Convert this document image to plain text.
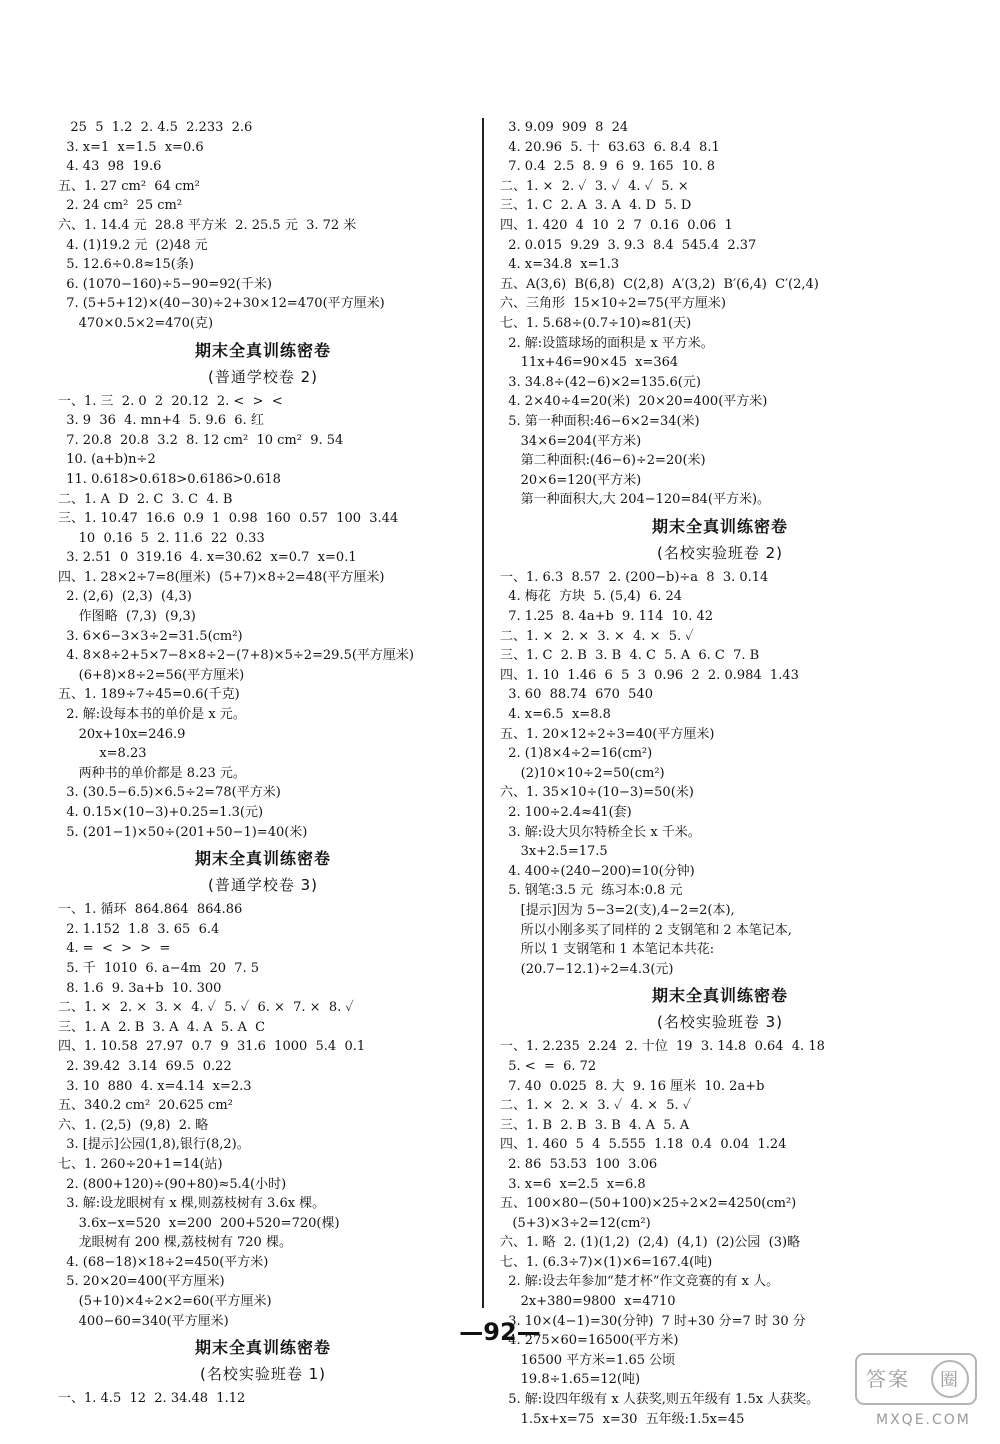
25  5  1.2  2. 4.5  2.233  2.6
3. x=1  x=1.5  x=0.6
4. 43  98  19.6
五、1. 27 cm²  64 cm²
2. 24 cm²  25 cm²
六、1. 14.4 元  28.8 平方米  2. 25.5 元  3. 72 米
4. (1)19.2 元  (2)48 元
5. 12.6÷0.8≈15(条)
6. (1070−160)÷5−90=92(千米)
7. (5+5+12)×(40−30)÷2+30×12=470(平方厘米)
470×0.5×2=470(克)
期末全真训练密卷
(普通学校卷 2)
一、1. 三  2. 0  2  20.12  2. <  >  <
3. 9  36  4. mn+4  5. 9.6  6. 红
7. 20.8  20.8  3.2  8. 12 cm²  10 cm²  9. 54
10. (a+b)n÷2
11. 0.618>0.618>0.6186>0.618
二、1. A  D  2. C  3. C  4. B
三、1. 10.47  16.6  0.9  1  0.98  160  0.57  100  3.44
10  0.16  5  2. 11.6  22  0.33
3. 2.51  0  319.16  4. x=30.62  x=0.7  x=0.1
四、1. 28×2÷7=8(厘米)  (5+7)×8÷2=48(平方厘米)
2. (2,6)  (2,3)  (4,3)
作图略  (7,3)  (9,3)
3. 6×6−3×3÷2=31.5(cm²)
4. 8×8÷2+5×7−8×8÷2−(7+8)×5÷2=29.5(平方厘米)
(6+8)×8÷2=56(平方厘米)
五、1. 189÷7÷45=0.6(千克)
2. 解:设每本书的单价是 x 元。
20x+10x=246.9
x=8.23
两种书的单价都是 8.23 元。
3. (30.5−6.5)×6.5÷2=78(平方米)
4. 0.15×(10−3)+0.25=1.3(元)
5. (201−1)×50÷(201+50−1)=40(米)
期末全真训练密卷
(普通学校卷 3)
一、1. 循环  864.864  864.86
2. 1.152  1.8  3. 65  6.4
4. =  <  >  >  =
5. 千  1010  6. a−4m  20  7. 5
8. 1.6  9. 3a+b  10. 300
二、1. ×  2. ×  3. ×  4. ✓  5. ✓  6. ×  7. ×  8. ✓
三、1. A  2. B  3. A  4. A  5. A  C
四、1. 10.58  27.97  0.7  9  31.6  1000  5.4  0.1
2. 39.42  3.14  69.5  0.22
3. 10  880  4. x=4.14  x=2.3
五、340.2 cm²  20.625 cm²
六、1. (2,5)  (9,8)  2. 略
3. [提示]公园(1,8),银行(8,2)。
七、1. 260÷20+1=14(站)
2. (800+120)÷(90+80)≈5.4(小时)
3. 解:设龙眼树有 x 棵,则荔枝树有 3.6x 棵。
3.6x−x=520  x=200  200+520=720(棵)
龙眼树有 200 棵,荔枝树有 720 棵。
4. (68−18)×18÷2=450(平方米)
5. 20×20=400(平方厘米)
(5+10)×4÷2×2=60(平方厘米)
400−60=340(平方厘米)
期末全真训练密卷
(名校实验班卷 1)
一、1. 4.5  12  2. 34.48  1.12
3. 9.09  909  8  24
4. 20.96  5. 十  63.63  6. 8.4  8.1
7. 0.4  2.5  8. 9  6  9. 165  10. 8
二、1. ×  2. ✓  3. ✓  4. ✓  5. ×
三、1. C  2. A  3. A  4. D  5. D
四、1. 420  4  10  2  7  0.16  0.06  1
2. 0.015  9.29  3. 9.3  8.4  545.4  2.37
4. x=34.8  x=1.3
五、A(3,6)  B(6,8)  C(2,8)  A′(3,2)  B′(6,4)  C′(2,4)
六、三角形  15×10÷2=75(平方厘米)
七、1. 5.68÷(0.7÷10)≈81(天)
2. 解:设篮球场的面积是 x 平方米。
11x+46=90×45  x=364
3. 34.8÷(42−6)×2=135.6(元)
4. 2×40÷4=20(米)  20×20=400(平方米)
5. 第一种面积:46−6×2=34(米)
34×6=204(平方米)
第二种面积:(46−6)÷2=20(米)
20×6=120(平方米)
第一种面积大,大 204−120=84(平方米)。
期末全真训练密卷
(名校实验班卷 2)
一、1. 6.3  8.57  2. (200−b)÷a  8  3. 0.14
4. 梅花  方块  5. (5,4)  6. 24
7. 1.25  8. 4a+b  9. 114  10. 42
二、1. ×  2. ×  3. ×  4. ×  5. ✓
三、1. C  2. B  3. B  4. C  5. A  6. C  7. B
四、1. 10  1.46  6  5  3  0.96  2  2. 0.984  1.43
3. 60  88.74  670  540
4. x=6.5  x=8.8
五、1. 20×12÷2÷3=40(平方厘米)
2. (1)8×4÷2=16(cm²)
(2)10×10÷2=50(cm²)
六、1. 35×10÷(10−3)=50(米)
2. 100÷2.4≈41(套)
3. 解:设大贝尔特桥全长 x 千米。
3x+2.5=17.5
4. 400÷(240−200)=10(分钟)
5. 钢笔:3.5 元  练习本:0.8 元
[提示]因为 5−3=2(支),4−2=2(本),
所以小刚多买了同样的 2 支钢笔和 2 本笔记本,
所以 1 支钢笔和 1 本笔记本共花:
(20.7−12.1)÷2=4.3(元)
期末全真训练密卷
(名校实验班卷 3)
一、1. 2.235  2.24  2. 十位  19  3. 14.8  0.64  4. 18
5. <  =  6. 72
7. 40  0.025  8. 大  9. 16 厘米  10. 2a+b
二、1. ×  2. ×  3. ✓  4. ×  5. ✓
三、1. B  2. B  3. B  4. A  5. A
四、1. 460  5  4  5.555  1.18  0.4  0.04  1.24
2. 86  53.53  100  3.06
3. x=6  x=2.5  x=6.8
五、100×80−(50+100)×25÷2×2=4250(cm²)
(5+3)×3÷2=12(cm²)
六、1. 略  2. (1)(1,2)  (2,4)  (4,1)  (2)公园  (3)略
七、1. (6.3÷7)×(1)×6=167.4(吨)
2. 解:设去年参加“楚才杯”作文竞赛的有 x 人。
2x+380=9800  x=4710
3. 10×(4−1)=30(分钟)  7 时+30 分=7 时 30 分
4. 275×60=16500(平方米)
16500 平方米=1.65 公顷
19.8÷1.65=12(吨)
5. 解:设四年级有 x 人获奖,则五年级有 1.5x 人获奖。
1.5x+x=75  x=30  五年级:1.5x=45
—92—
答案 圈
MXQE.COM
